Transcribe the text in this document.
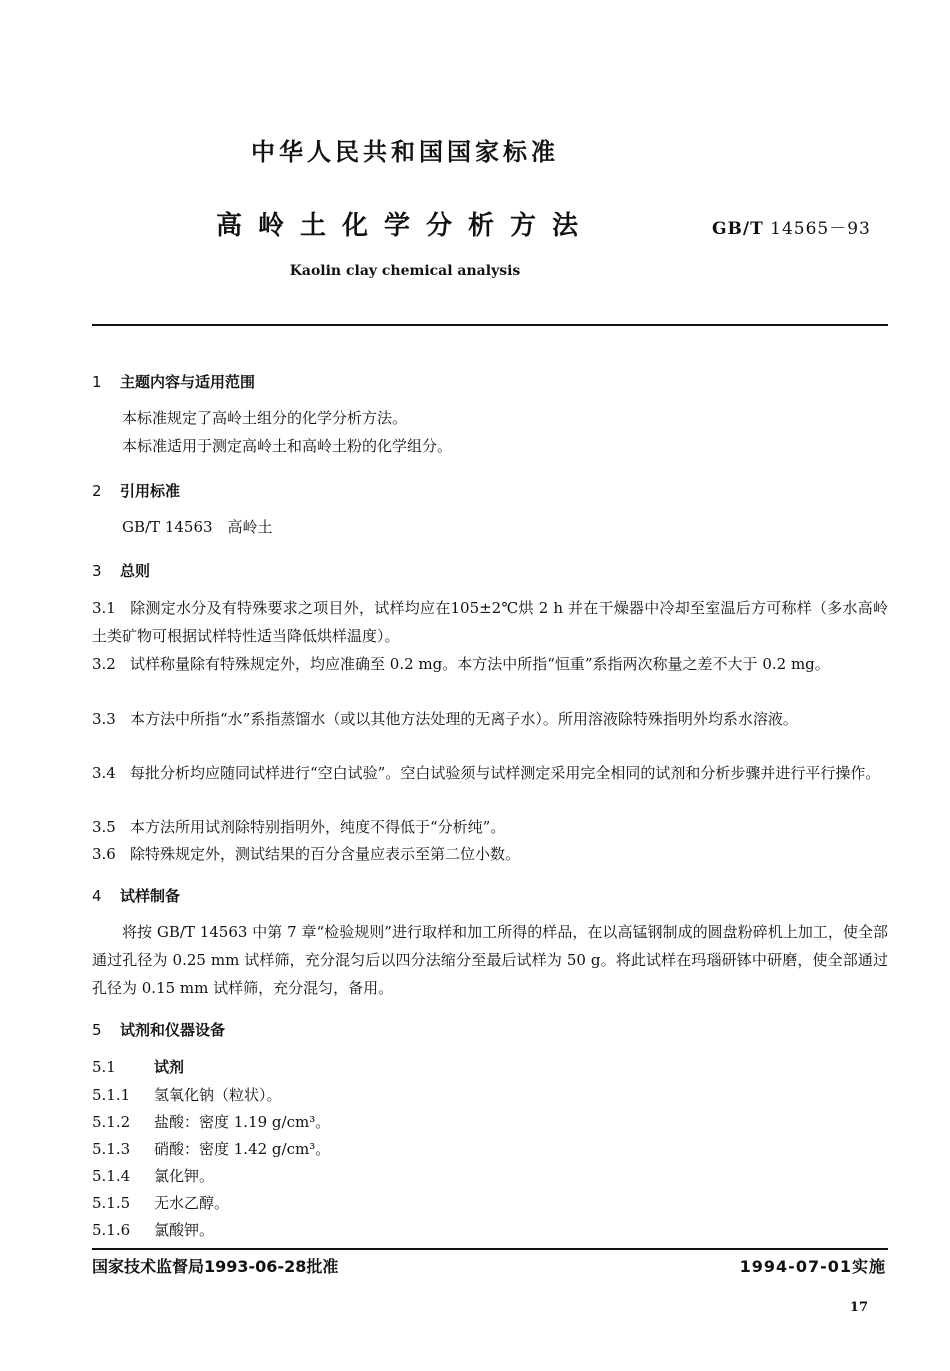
中华人民共和国国家标准
高岭土化学分析方法	GB/T 14565－93
Kaolin clay chemical analysis
1 主题内容与适用范围
本标准规定了高岭土组分的化学分析方法。
本标准适用于测定高岭土和高岭土粉的化学组分。
2 引用标准
GB/T 14563　高岭土
3 总则
3.1 除测定水分及有特殊要求之项目外，试样均应在105±2℃烘 2 h 并在干燥器中冷却至室温后方可称样（多水高岭土类矿物可根据试样特性适当降低烘样温度）。
3.2 试样称量除有特殊规定外，均应准确至 0.2 mg。本方法中所指“恒重”系指两次称量之差不大于 0.2 mg。
3.3 本方法中所指“水”系指蒸馏水（或以其他方法处理的无离子水）。所用溶液除特殊指明外均系水溶液。
3.4 每批分析均应随同试样进行“空白试验”。空白试验须与试样测定采用完全相同的试剂和分析步骤并进行平行操作。
3.5 本方法所用试剂除特别指明外，纯度不得低于“分析纯”。
3.6 除特殊规定外，测试结果的百分含量应表示至第二位小数。
4 试样制备
将按 GB/T 14563 中第 7 章“检验规则”进行取样和加工所得的样品，在以高锰钢制成的圆盘粉碎机上加工，使全部通过孔径为 0.25 mm 试样筛，充分混匀后以四分法缩分至最后试样为 50 g。将此试样在玛瑙研钵中研磨，使全部通过孔径为 0.15 mm 试样筛，充分混匀，备用。
5 试剂和仪器设备
5.1	试剂
5.1.1 氢氧化钠（粒状）。
5.1.2 盐酸：密度 1.19 g/cm³。
5.1.3 硝酸：密度 1.42 g/cm³。
5.1.4 氯化钾。
5.1.5 无水乙醇。
5.1.6 氯酸钾。
国家技术监督局1993-06-28批准	1994-07-01实施
17
